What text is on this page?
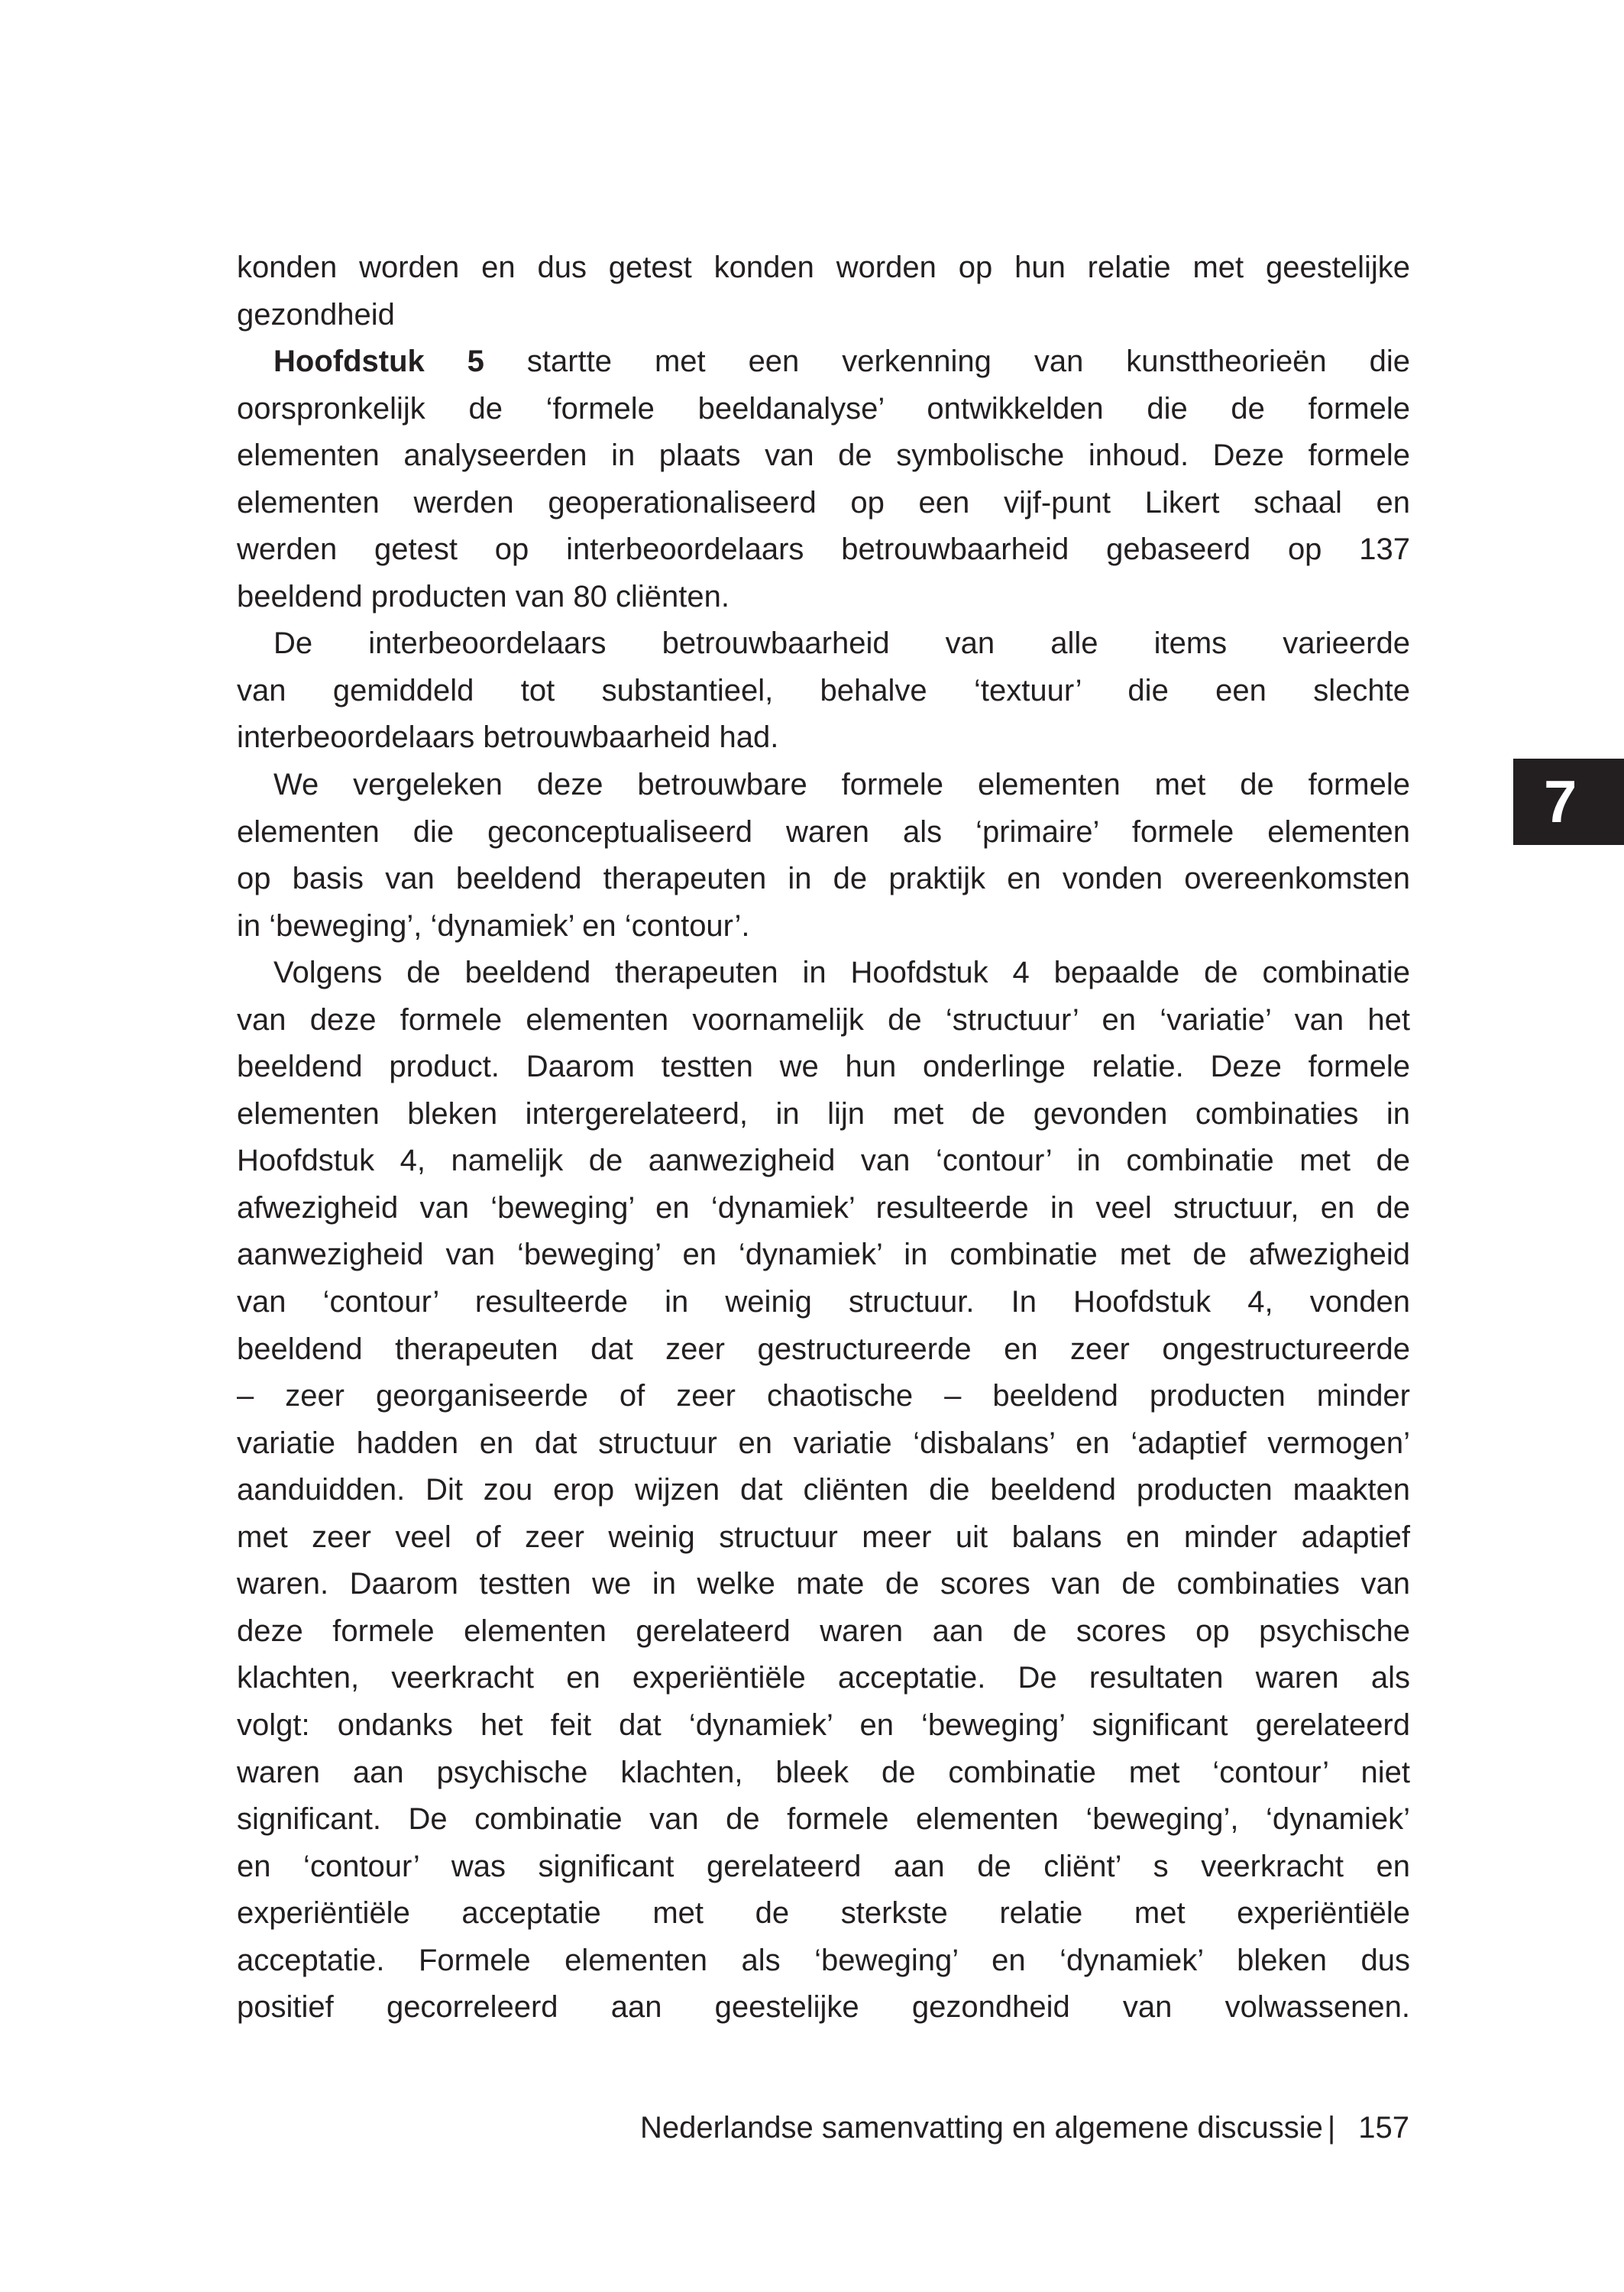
konden worden en dus getest konden worden op hun relatie met geestelijke
gezondheid
Hoofdstuk 5 startte met een verkenning van kunsttheorieën die
oorspronkelijk de ‘formele beeldanalyse’ ontwikkelden die de formele
elementen analyseerden in plaats van de symbolische inhoud. Deze formele
elementen werden geoperationaliseerd op een vijf-punt Likert schaal en
werden getest op interbeoordelaars betrouwbaarheid gebaseerd op 137
beeldend producten van 80 cliënten.
De interbeoordelaars betrouwbaarheid van alle items varieerde
van gemiddeld tot substantieel, behalve ‘textuur’ die een slechte
interbeoordelaars betrouwbaarheid had.
We vergeleken deze betrouwbare formele elementen met de formele
elementen die geconceptualiseerd waren als ‘primaire’ formele elementen
op basis van beeldend therapeuten in de praktijk en vonden overeenkomsten
in ‘beweging’, ‘dynamiek’ en ‘contour’.
Volgens de beeldend therapeuten in Hoofdstuk 4 bepaalde de combinatie
van deze formele elementen voornamelijk de ‘structuur’ en ‘variatie’ van het
beeldend product. Daarom testten we hun onderlinge relatie. Deze formele
elementen bleken intergerelateerd, in lijn met de gevonden combinaties in
Hoofdstuk 4, namelijk de aanwezigheid van ‘contour’ in combinatie met de
afwezigheid van ‘beweging’ en ‘dynamiek’ resulteerde in veel structuur, en de
aanwezigheid van ‘beweging’ en ‘dynamiek’ in combinatie met de afwezigheid
van ‘contour’ resulteerde in weinig structuur. In Hoofdstuk 4, vonden
beeldend therapeuten dat zeer gestructureerde en zeer ongestructureerde
– zeer georganiseerde of zeer chaotische – beeldend producten minder
variatie hadden en dat structuur en variatie ‘disbalans’ en ‘adaptief vermogen’
aanduidden. Dit zou erop wijzen dat cliënten die beeldend producten maakten
met zeer veel of zeer weinig structuur meer uit balans en minder adaptief
waren. Daarom testten we in welke mate de scores van de combinaties van
deze formele elementen gerelateerd waren aan de scores op psychische
klachten, veerkracht en experiëntiële acceptatie. De resultaten waren als
volgt: ondanks het feit dat ‘dynamiek’ en ‘beweging’ significant gerelateerd
waren aan psychische klachten, bleek de combinatie met ‘contour’ niet
significant. De combinatie van de formele elementen ‘beweging’, ‘dynamiek’
en ‘contour’ was significant gerelateerd aan de cliënt’ s veerkracht en
experiëntiële acceptatie met de sterkste relatie met experiëntiële
acceptatie. Formele elementen als ‘beweging’ en ‘dynamiek’ bleken dus
positief gecorreleerd aan geestelijke gezondheid van volwassenen.
7
Nederlandse samenvatting en algemene discussie | 157
